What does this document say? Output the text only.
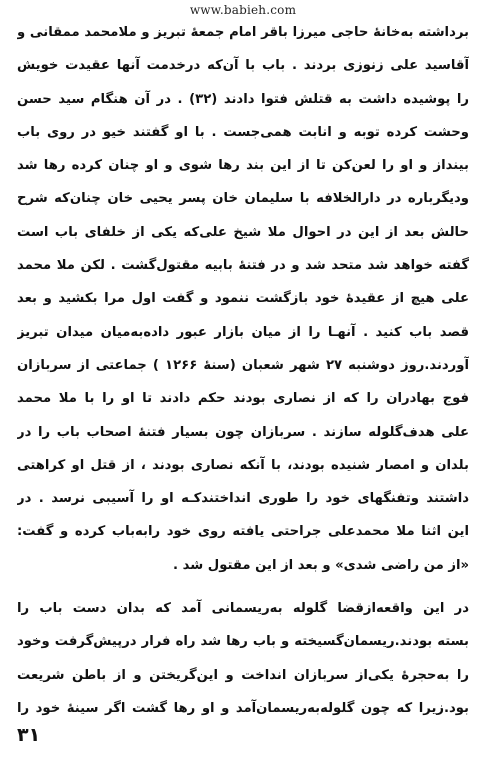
www.babieh.com
برداشته به‌خانهٔ حاجی میرزا باقر امام جمعهٔ تبریز و ملا‌محمد ممقانی و
آقاسید علی زنوزی بردند . باب با آن‌که درخدمت آنها عقیدت خویش
را پوشیده داشت به قتلش فتوا دادند (۳۲) . در آن هنگام سید حسن
وحشت کرده توبه و انابت همی‌جست . با او گفتند خیو در روی باب
بینداز و او را لعن‌کن تا از این بند رها شوی و او چنان کرده رها شد
ودیگرباره در دارالخلافه با سلیمان خان پسر یحیی خان چنان‌که شرح
حالش بعد از این در احوال ملا شیخ علی‌که یکی از خلفای باب است
گفته خواهد شد متحد شد و در فتنهٔ بابیه مقتول‌گشت . لکن ملا محمد
علی هیچ از عقیدهٔ خود بازگشت ننمود و گفت اول مرا بکشید و بعد
قصد باب کنید . آنهـا را از میان بازار عبور داده‌به‌میان میدان تبریز
آوردند.روز دوشنبه ۲۷ شهر شعبان (سنهٔ ۱۲۶۶ ) جماعتی از سربازان
فوج بهادران را که از نصاری بودند حکم دادند تا او را با ملا محمد
علی هدف‌گلوله سازند . سربازان چون بسیار فتنهٔ اصحاب باب را در
بلدان و امصار شنیده بودند، با آنکه نصاری بودند ، از قتل او کراهتی
داشتند وتفنگهای خود را طوری انداختندکـه او را آسیبی نرسد . در
این اثنا ملا محمد‌علی جراحتی یافته روی خود رابه‌باب کرده و گفت:
«از من راضی شدی» و بعد از این مقتول شد .
در این واقعه‌ازقضا گلوله به‌ریسمانی آمد که بدان دست باب را
بسته بودند.ریسمان‌گسیخته و باب رها شد راه فرار درپیش‌گرفت وخود
را به‌حجرهٔ یکی‌از سربازان انداخت و این‌گریختن و از باطن شریعت
بود.زیرا که چون گلوله‌به‌ریسمان‌آمد و او رها گشت اگر سینهٔ خود را
۳۱
